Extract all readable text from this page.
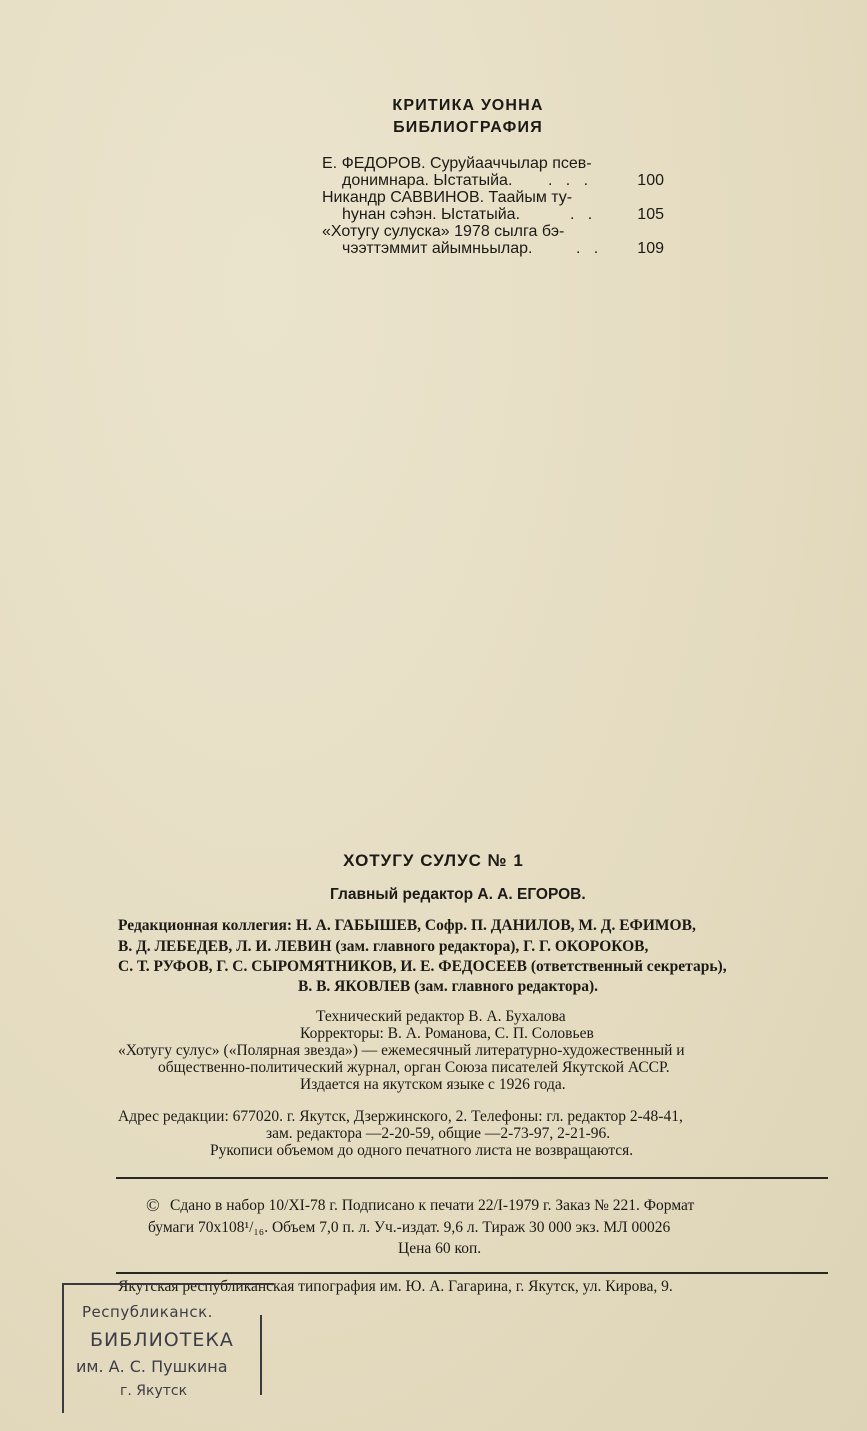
КРИТИКА УОННА
БИБЛИОГРАФИЯ
Е. ФЕДОРОВ. Суруйааччылар псев-
донимнара. Ыстатыйа. .   .   .	100
Никандр САВВИНОВ. Таайым ту-
һунан сэһэн. Ыстатыйа.	.   .	105
«Хотугу сулуска» 1978 сылга бэ-
чээттэммит айымньылар.	.   .	109
ХОТУГУ СУЛУС № 1
Главный редактор А. А. ЕГОРОВ.
Редакционная коллегия: Н. А. ГАБЫШЕВ, Софр. П. ДАНИЛОВ, М. Д. ЕФИМОВ,
В. Д. ЛЕБЕДЕВ, Л. И. ЛЕВИН (зам. главного редактора), Г. Г. ОКОРОКОВ,
С. Т. РУФОВ, Г. С. СЫРОМЯТНИКОВ, И. Е. ФЕДОСЕЕВ (ответственный секретарь),
В. В. ЯКОВЛЕВ (зам. главного редактора).
Технический редактор В. А. Бухалова
Корректоры: В. А. Романова, С. П. Соловьев
«Хотугу сулус» («Полярная звезда») — ежемесячный литературно-художественный и
общественно-политический журнал, орган Союза писателей Якутской АССР.
Издается на якутском языке с 1926 года.
Адрес редакции: 677020. г. Якутск, Дзержинского, 2. Телефоны: гл. редактор 2-48-41,
зам. редактора —2-20-59, общие —2-73-97, 2-21-96.
Рукописи объемом до одного печатного листа не возвращаются.
© Сдано в набор 10/XI-78 г. Подписано к печати 22/I-1979 г. Заказ № 221. Формат
бумаги 70х108¹/₁₆. Объем 7,0 п. л. Уч.-издат. 9,6 л. Тираж 30 000 экз. МЛ 00026
Цена 60 коп.
Якутская республиканская типография им. Ю. А. Гагарина, г. Якутск, ул. Кирова, 9.
Республиканск.
БИБЛИОТЕКА
им. А. С. Пушкина
г. Якутск
